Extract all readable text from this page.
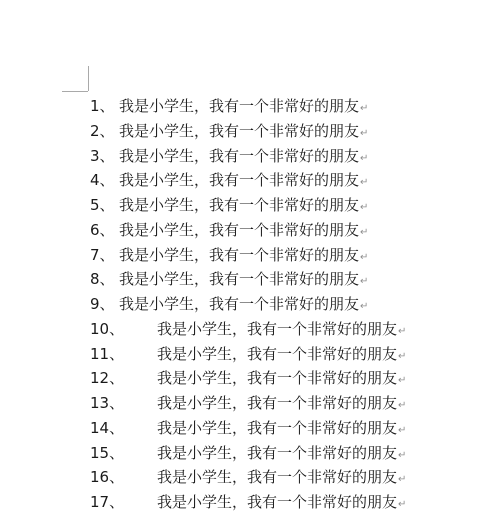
1、 我是小学生，我有一个非常好的朋友↵
2、 我是小学生，我有一个非常好的朋友↵
3、 我是小学生，我有一个非常好的朋友↵
4、 我是小学生，我有一个非常好的朋友↵
5、 我是小学生，我有一个非常好的朋友↵
6、 我是小学生，我有一个非常好的朋友↵
7、 我是小学生，我有一个非常好的朋友↵
8、 我是小学生，我有一个非常好的朋友↵
9、 我是小学生，我有一个非常好的朋友↵
10、 我是小学生，我有一个非常好的朋友↵
11、 我是小学生，我有一个非常好的朋友↵
12、 我是小学生，我有一个非常好的朋友↵
13、 我是小学生，我有一个非常好的朋友↵
14、 我是小学生，我有一个非常好的朋友↵
15、 我是小学生，我有一个非常好的朋友↵
16、 我是小学生，我有一个非常好的朋友↵
17、 我是小学生，我有一个非常好的朋友↵
